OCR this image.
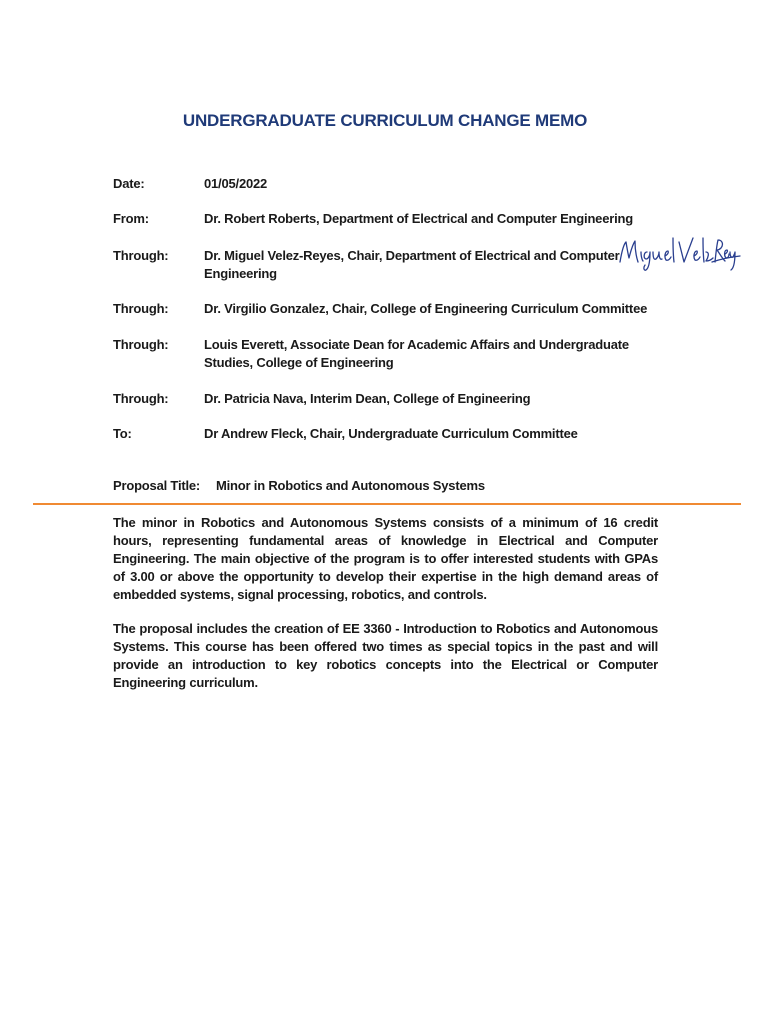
UNDERGRADUATE CURRICULUM CHANGE MEMO
Date:	01/05/2022
From:	Dr. Robert Roberts, Department of Electrical and Computer Engineering
Through:	Dr. Miguel Velez-Reyes, Chair, Department of Electrical and Computer Engineering
Through:	Dr. Virgilio Gonzalez, Chair, College of Engineering Curriculum Committee
Through:	Louis Everett, Associate Dean for Academic Affairs and Undergraduate Studies, College of Engineering
Through:	Dr. Patricia Nava, Interim Dean, College of Engineering
To:	Dr Andrew Fleck, Chair, Undergraduate Curriculum Committee
Proposal Title: Minor in Robotics and Autonomous Systems
The minor in Robotics and Autonomous Systems consists of a minimum of 16 credit hours, representing fundamental areas of knowledge in Electrical and Computer Engineering. The main objective of the program is to offer interested students with GPAs of 3.00 or above the opportunity to develop their expertise in the high demand areas of embedded systems, signal processing, robotics, and controls.
The proposal includes the creation of EE 3360 - Introduction to Robotics and Autonomous Systems. This course has been offered two times as special topics in the past and will provide an introduction to key robotics concepts into the Electrical or Computer Engineering curriculum.
